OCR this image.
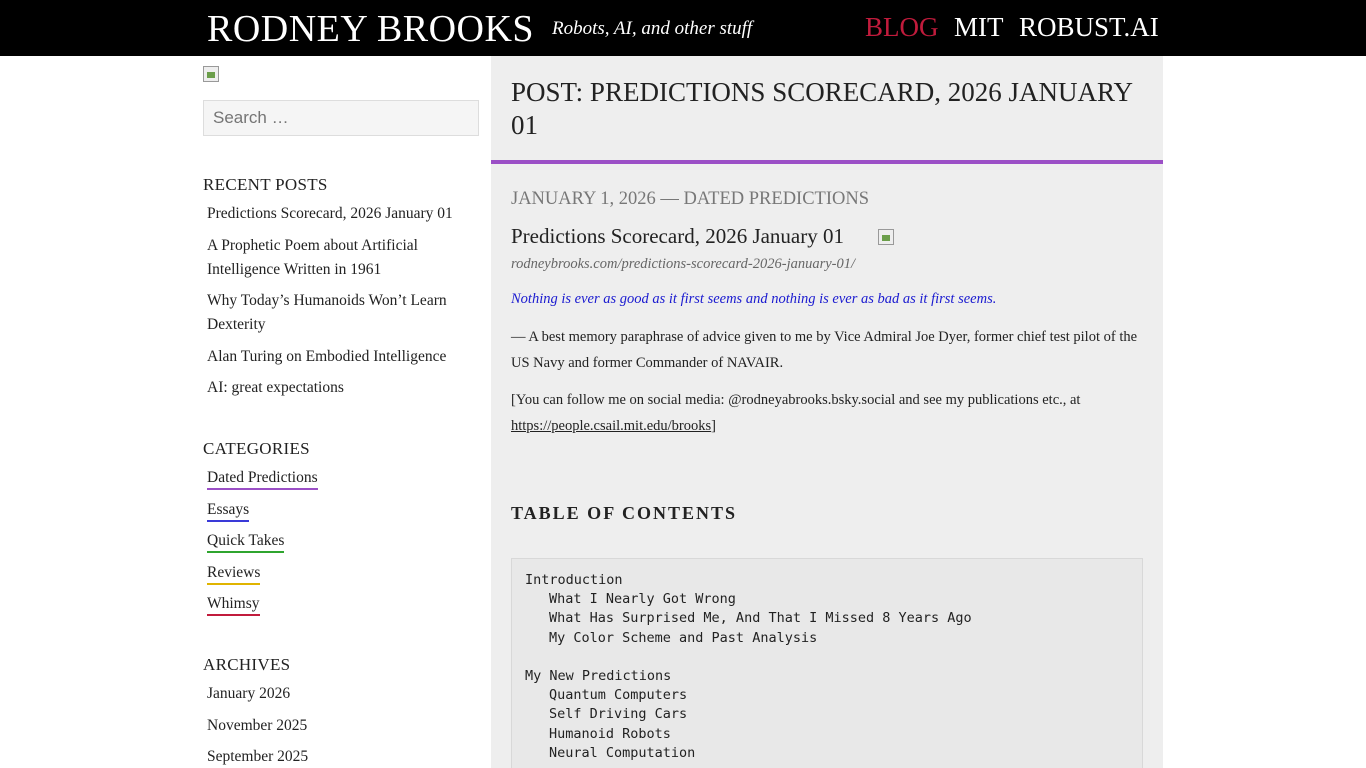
RODNEY BROOKS Robots, AI, and other stuff	BLOG MIT ROBUST.AI
Search …
RECENT POSTS
Predictions Scorecard, 2026 January 01
A Prophetic Poem about Artificial Intelligence Written in 1961
Why Today’s Humanoids Won’t Learn Dexterity
Alan Turing on Embodied Intelligence
AI: great expectations
CATEGORIES
Dated Predictions
Essays
Quick Takes
Reviews
Whimsy
ARCHIVES
January 2026
November 2025
September 2025
POST: PREDICTIONS SCORECARD, 2026 JANUARY 01
JANUARY 1, 2026 — DATED PREDICTIONS
Predictions Scorecard, 2026 January 01
rodneybrooks.com/predictions-scorecard-2026-january-01/
Nothing is ever as good as it first seems and nothing is ever as bad as it first seems.
— A best memory paraphrase of advice given to me by Vice Admiral Joe Dyer, former chief test pilot of the US Navy and former Commander of NAVAIR.
[You can follow me on social media: @rodneyabrooks.bsky.social and see my publications etc., at https://people.csail.mit.edu/brooks]
TABLE OF CONTENTS
Introduction
What I Nearly Got Wrong
What Has Surprised Me, And That I Missed 8 Years Ago
My Color Scheme and Past Analysis
My New Predictions
Quantum Computers
Self Driving Cars
Humanoid Robots
Neural Computation
